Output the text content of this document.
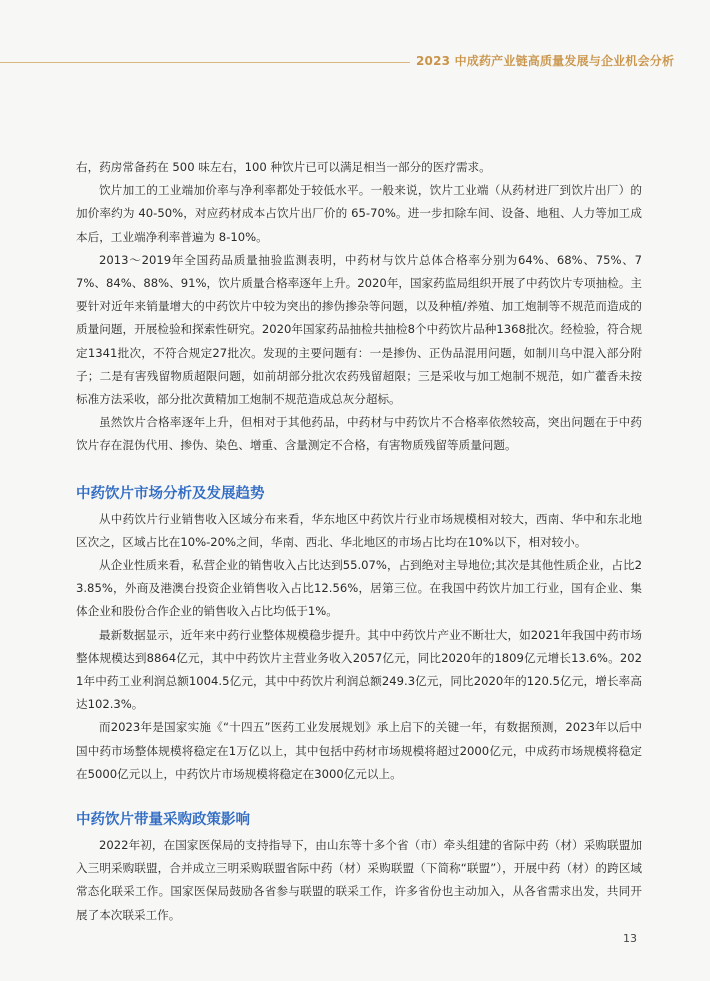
2023 中成药产业链高质量发展与企业机会分析

右，药房常备药在 500 味左右，100 种饮片已可以满足相当一部分的医疗需求。

饮片加工的工业端加价率与净利率都处于较低水平。一般来说，饮片工业端（从药材进厂到饮片出厂）的加价率约为 40-50%，对应药材成本占饮片出厂价的 65-70%。进一步扣除车间、设备、地租、人力等加工成本后，工业端净利率普遍为 8-10%。

2013～2019年全国药品质量抽验监测表明，中药材与饮片总体合格率分别为64%、68%、75%、77%、84%、88%、91%，饮片质量合格率逐年上升。2020年，国家药监局组织开展了中药饮片专项抽检。主要针对近年来销量增大的中药饮片中较为突出的掺伪掺杂等问题，以及种植/养殖、加工炮制等不规范而造成的质量问题，开展检验和探索性研究。2020年国家药品抽检共抽检8个中药饮片品种1368批次。经检验，符合规定1341批次，不符合规定27批次。发现的主要问题有：一是掺伪、正伪品混用问题，如制川乌中混入部分附子；二是有害残留物质超限问题，如前胡部分批次农药残留超限；三是采收与加工炮制不规范，如广藿香未按标准方法采收，部分批次黄精加工炮制不规范造成总灰分超标。

虽然饮片合格率逐年上升，但相对于其他药品，中药材与中药饮片不合格率依然较高，突出问题在于中药饮片存在混伪代用、掺伪、染色、增重、含量测定不合格，有害物质残留等质量问题。

中药饮片市场分析及发展趋势

从中药饮片行业销售收入区域分布来看，华东地区中药饮片行业市场规模相对较大，西南、华中和东北地区次之，区域占比在10%-20%之间，华南、西北、华北地区的市场占比均在10%以下，相对较小。

从企业性质来看，私营企业的销售收入占比达到55.07%，占到绝对主导地位;其次是其他性质企业，占比23.85%，外商及港澳台投资企业销售收入占比12.56%，居第三位。在我国中药饮片加工行业，国有企业、集体企业和股份合作企业的销售收入占比均低于1%。

最新数据显示，近年来中药行业整体规模稳步提升。其中中药饮片产业不断壮大，如2021年我国中药市场整体规模达到8864亿元，其中中药饮片主营业务收入2057亿元，同比2020年的1809亿元增长13.6%。2021年中药工业利润总额1004.5亿元，其中中药饮片利润总额249.3亿元，同比2020年的120.5亿元，增长率高达102.3%。

而2023年是国家实施《“十四五”医药工业发展规划》承上启下的关键一年，有数据预测，2023年以后中国中药市场整体规模将稳定在1万亿以上，其中包括中药材市场规模将超过2000亿元，中成药市场规模将稳定在5000亿元以上，中药饮片市场规模将稳定在3000亿元以上。

中药饮片带量采购政策影响

2022年初，在国家医保局的支持指导下，由山东等十多个省（市）牵头组建的省际中药（材）采购联盟加入三明采购联盟，合并成立三明采购联盟省际中药（材）采购联盟（下简称“联盟”），开展中药（材）的跨区域常态化联采工作。国家医保局鼓励各省参与联盟的联采工作，许多省份也主动加入，从各省需求出发，共同开展了本次联采工作。

13
